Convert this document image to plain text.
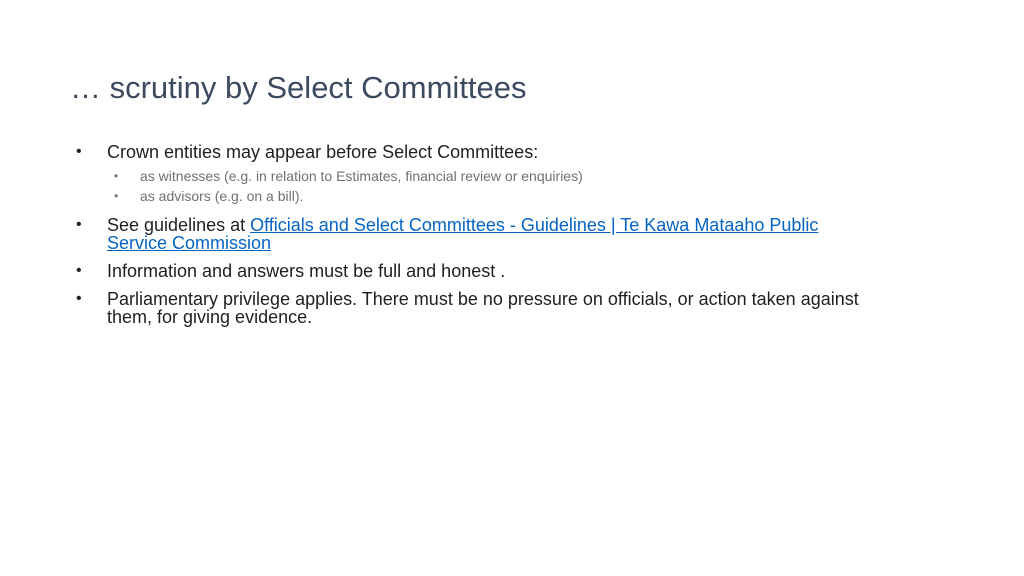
… scrutiny by Select Committees
• Crown entities may appear before Select Committees:
• as witnesses (e.g. in relation to Estimates, financial review or enquiries)
• as advisors (e.g. on a bill).
• See guidelines at Officials and Select Committees - Guidelines | Te Kawa Mataaho Public Service Commission
• Information and answers must be full and honest .
• Parliamentary privilege applies. There must be no pressure on officials, or action taken against them, for giving evidence.
